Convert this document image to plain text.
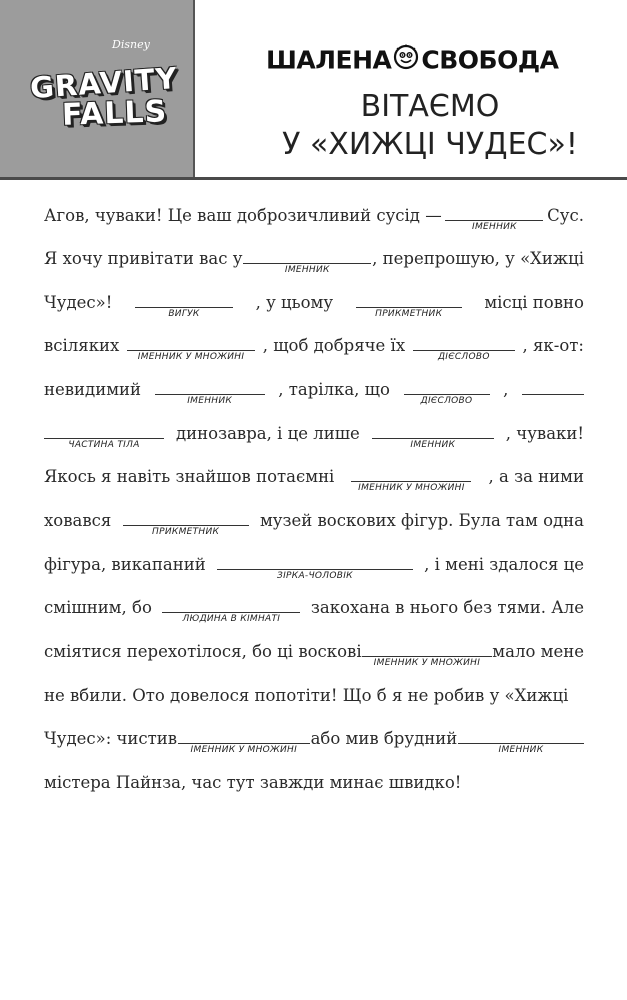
Disney
GRAVITY
FALLS
ШАЛЕНА СВОБОДА
ВІТАЄМО
У «ХИЖЦІ ЧУДЕС»!
Агов, чуваки! Це ваш доброзичливий сусід —
ІМЕННИК
Сус.
Я хочу привітати вас у
ІМЕННИК
, перепрошую, у «Хижці
Чудес»!
ВИГУК
, у цьому
ПРИКМЕТНИК
місці повно
всіляких
ІМЕННИК У МНОЖИНІ
, щоб добряче їх
ДІЄСЛОВО
, як-от:
невидимий
ІМЕННИК
, тарілка, що
ДІЄСЛОВО
,
ЧАСТИНА ТІЛА
динозавра, і це лише
ІМЕННИК
, чуваки!
Якось я навіть знайшов потаємні
ІМЕННИК У МНОЖИНІ
, а за ними
ховався
ПРИКМЕТНИК
музей воскових фігур. Була там одна
фігура, викапаний
ЗІРКА-ЧОЛОВІК
, і мені здалося це
смішним, бо
ЛЮДИНА В КІМНАТІ
закохана в нього без тями. Але
сміятися перехотілося, бо ці воскові
ІМЕННИК У МНОЖИНІ
мало мене
не вбили. Ото довелося попотіти! Що б я не робив у «Хижці
Чудес»: чистив
ІМЕННИК У МНОЖИНІ
або мив брудний
ІМЕННИК
містера Пайнза, час тут завжди минає швидко!
